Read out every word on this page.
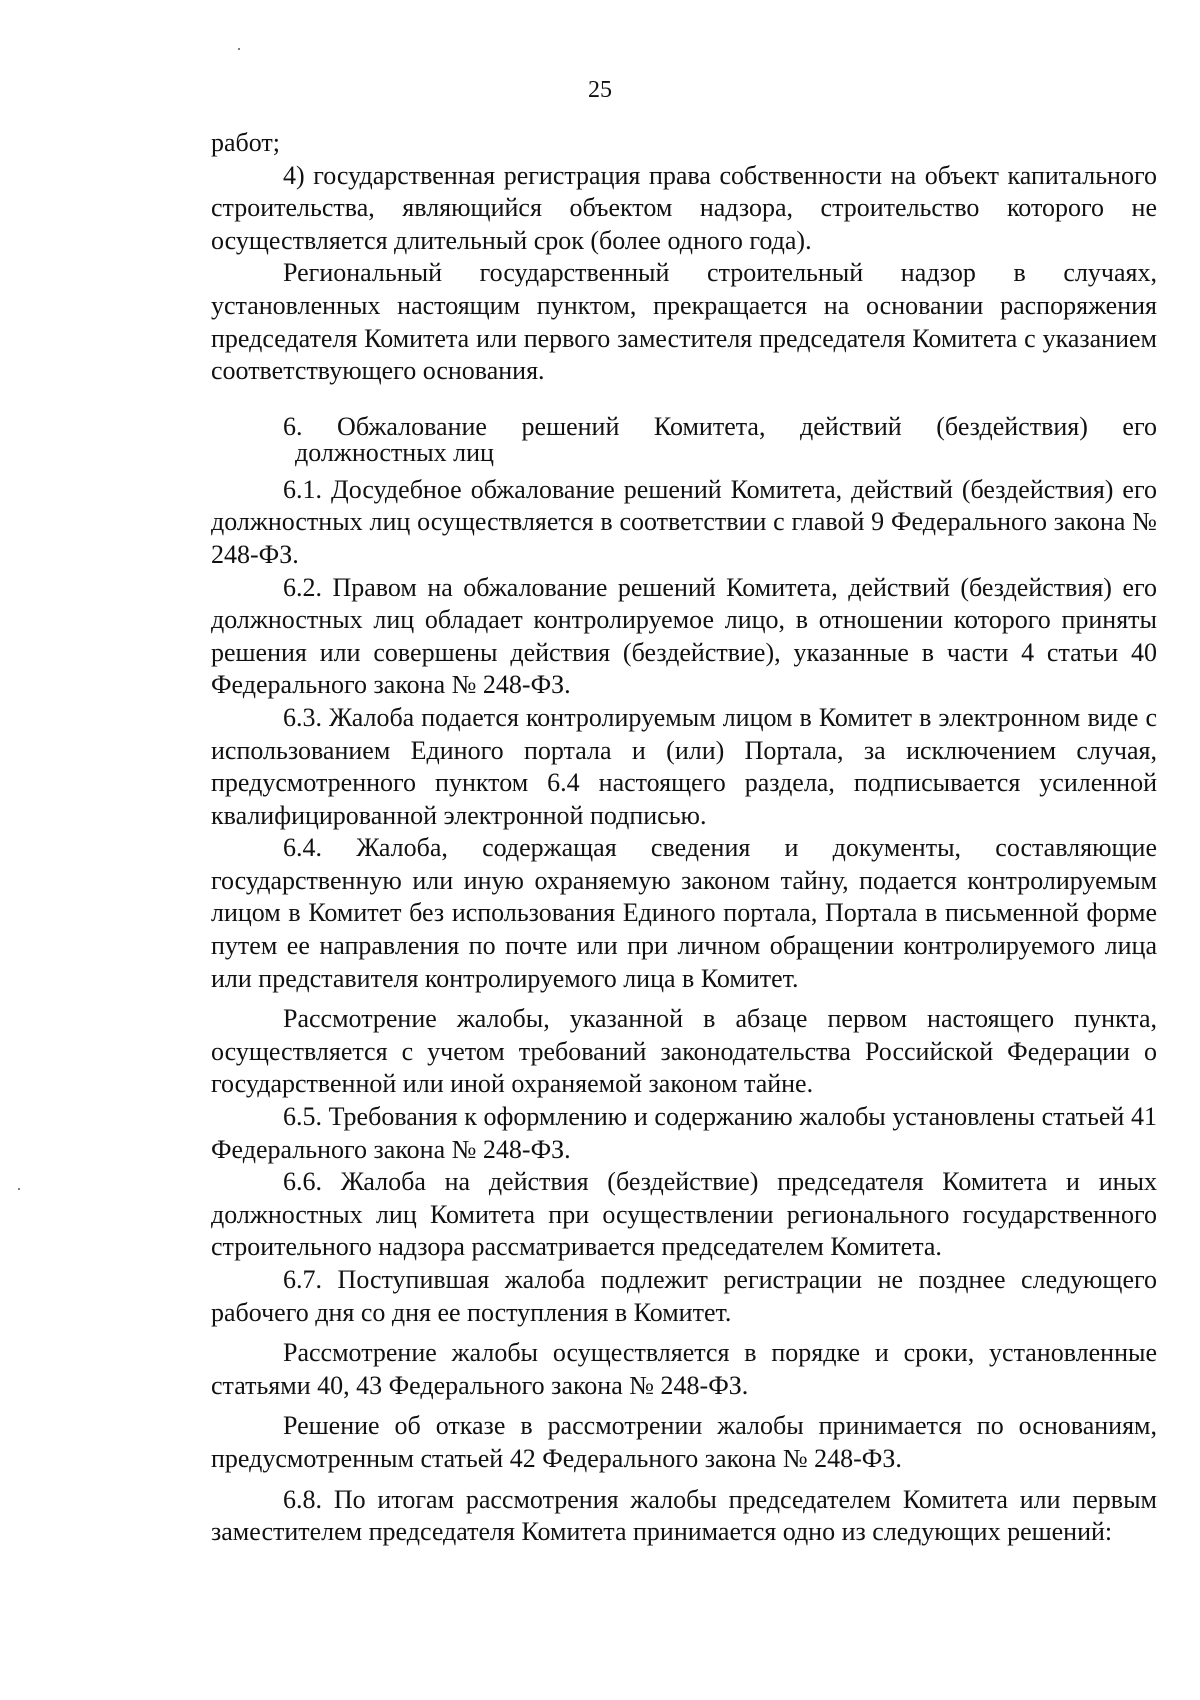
25

работ;

4) государственная регистрация права собственности на объект капитального строительства, являющийся объектом надзора, строительство которого не осуществляется длительный срок (более одного года).

Региональный государственный строительный надзор в случаях, установленных настоящим пунктом, прекращается на основании распоряжения председателя Комитета или первого заместителя председателя Комитета с указанием соответствующего основания.

6. Обжалование решений Комитета, действий (бездействия) его
должностных лиц

6.1. Досудебное обжалование решений Комитета, действий (бездействия) его должностных лиц осуществляется в соответствии с главой 9 Федерального закона № 248-ФЗ.

6.2. Правом на обжалование решений Комитета, действий (бездействия) его должностных лиц обладает контролируемое лицо, в отношении которого приняты решения или совершены действия (бездействие), указанные в части 4 статьи 40 Федерального закона № 248-ФЗ.

6.3. Жалоба подается контролируемым лицом в Комитет в электронном виде с использованием Единого портала и (или) Портала, за исключением случая, предусмотренного пунктом 6.4 настоящего раздела, подписывается усиленной квалифицированной электронной подписью.

6.4. Жалоба, содержащая сведения и документы, составляющие государственную или иную охраняемую законом тайну, подается контролируемым лицом в Комитет без использования Единого портала, Портала в письменной форме путем ее направления по почте или при личном обращении контролируемого лица или представителя контролируемого лица в Комитет.

Рассмотрение жалобы, указанной в абзаце первом настоящего пункта, осуществляется с учетом требований законодательства Российской Федерации о государственной или иной охраняемой законом тайне.

6.5. Требования к оформлению и содержанию жалобы установлены статьей 41 Федерального закона № 248-ФЗ.

6.6. Жалоба на действия (бездействие) председателя Комитета и иных должностных лиц Комитета при осуществлении регионального государственного строительного надзора рассматривается председателем Комитета.

6.7. Поступившая жалоба подлежит регистрации не позднее следующего рабочего дня со дня ее поступления в Комитет.

Рассмотрение жалобы осуществляется в порядке и сроки, установленные статьями 40, 43 Федерального закона № 248-ФЗ.

Решение об отказе в рассмотрении жалобы принимается по основаниям, предусмотренным статьей 42 Федерального закона № 248-ФЗ.

6.8. По итогам рассмотрения жалобы председателем Комитета или первым заместителем председателя Комитета принимается одно из следующих решений:
